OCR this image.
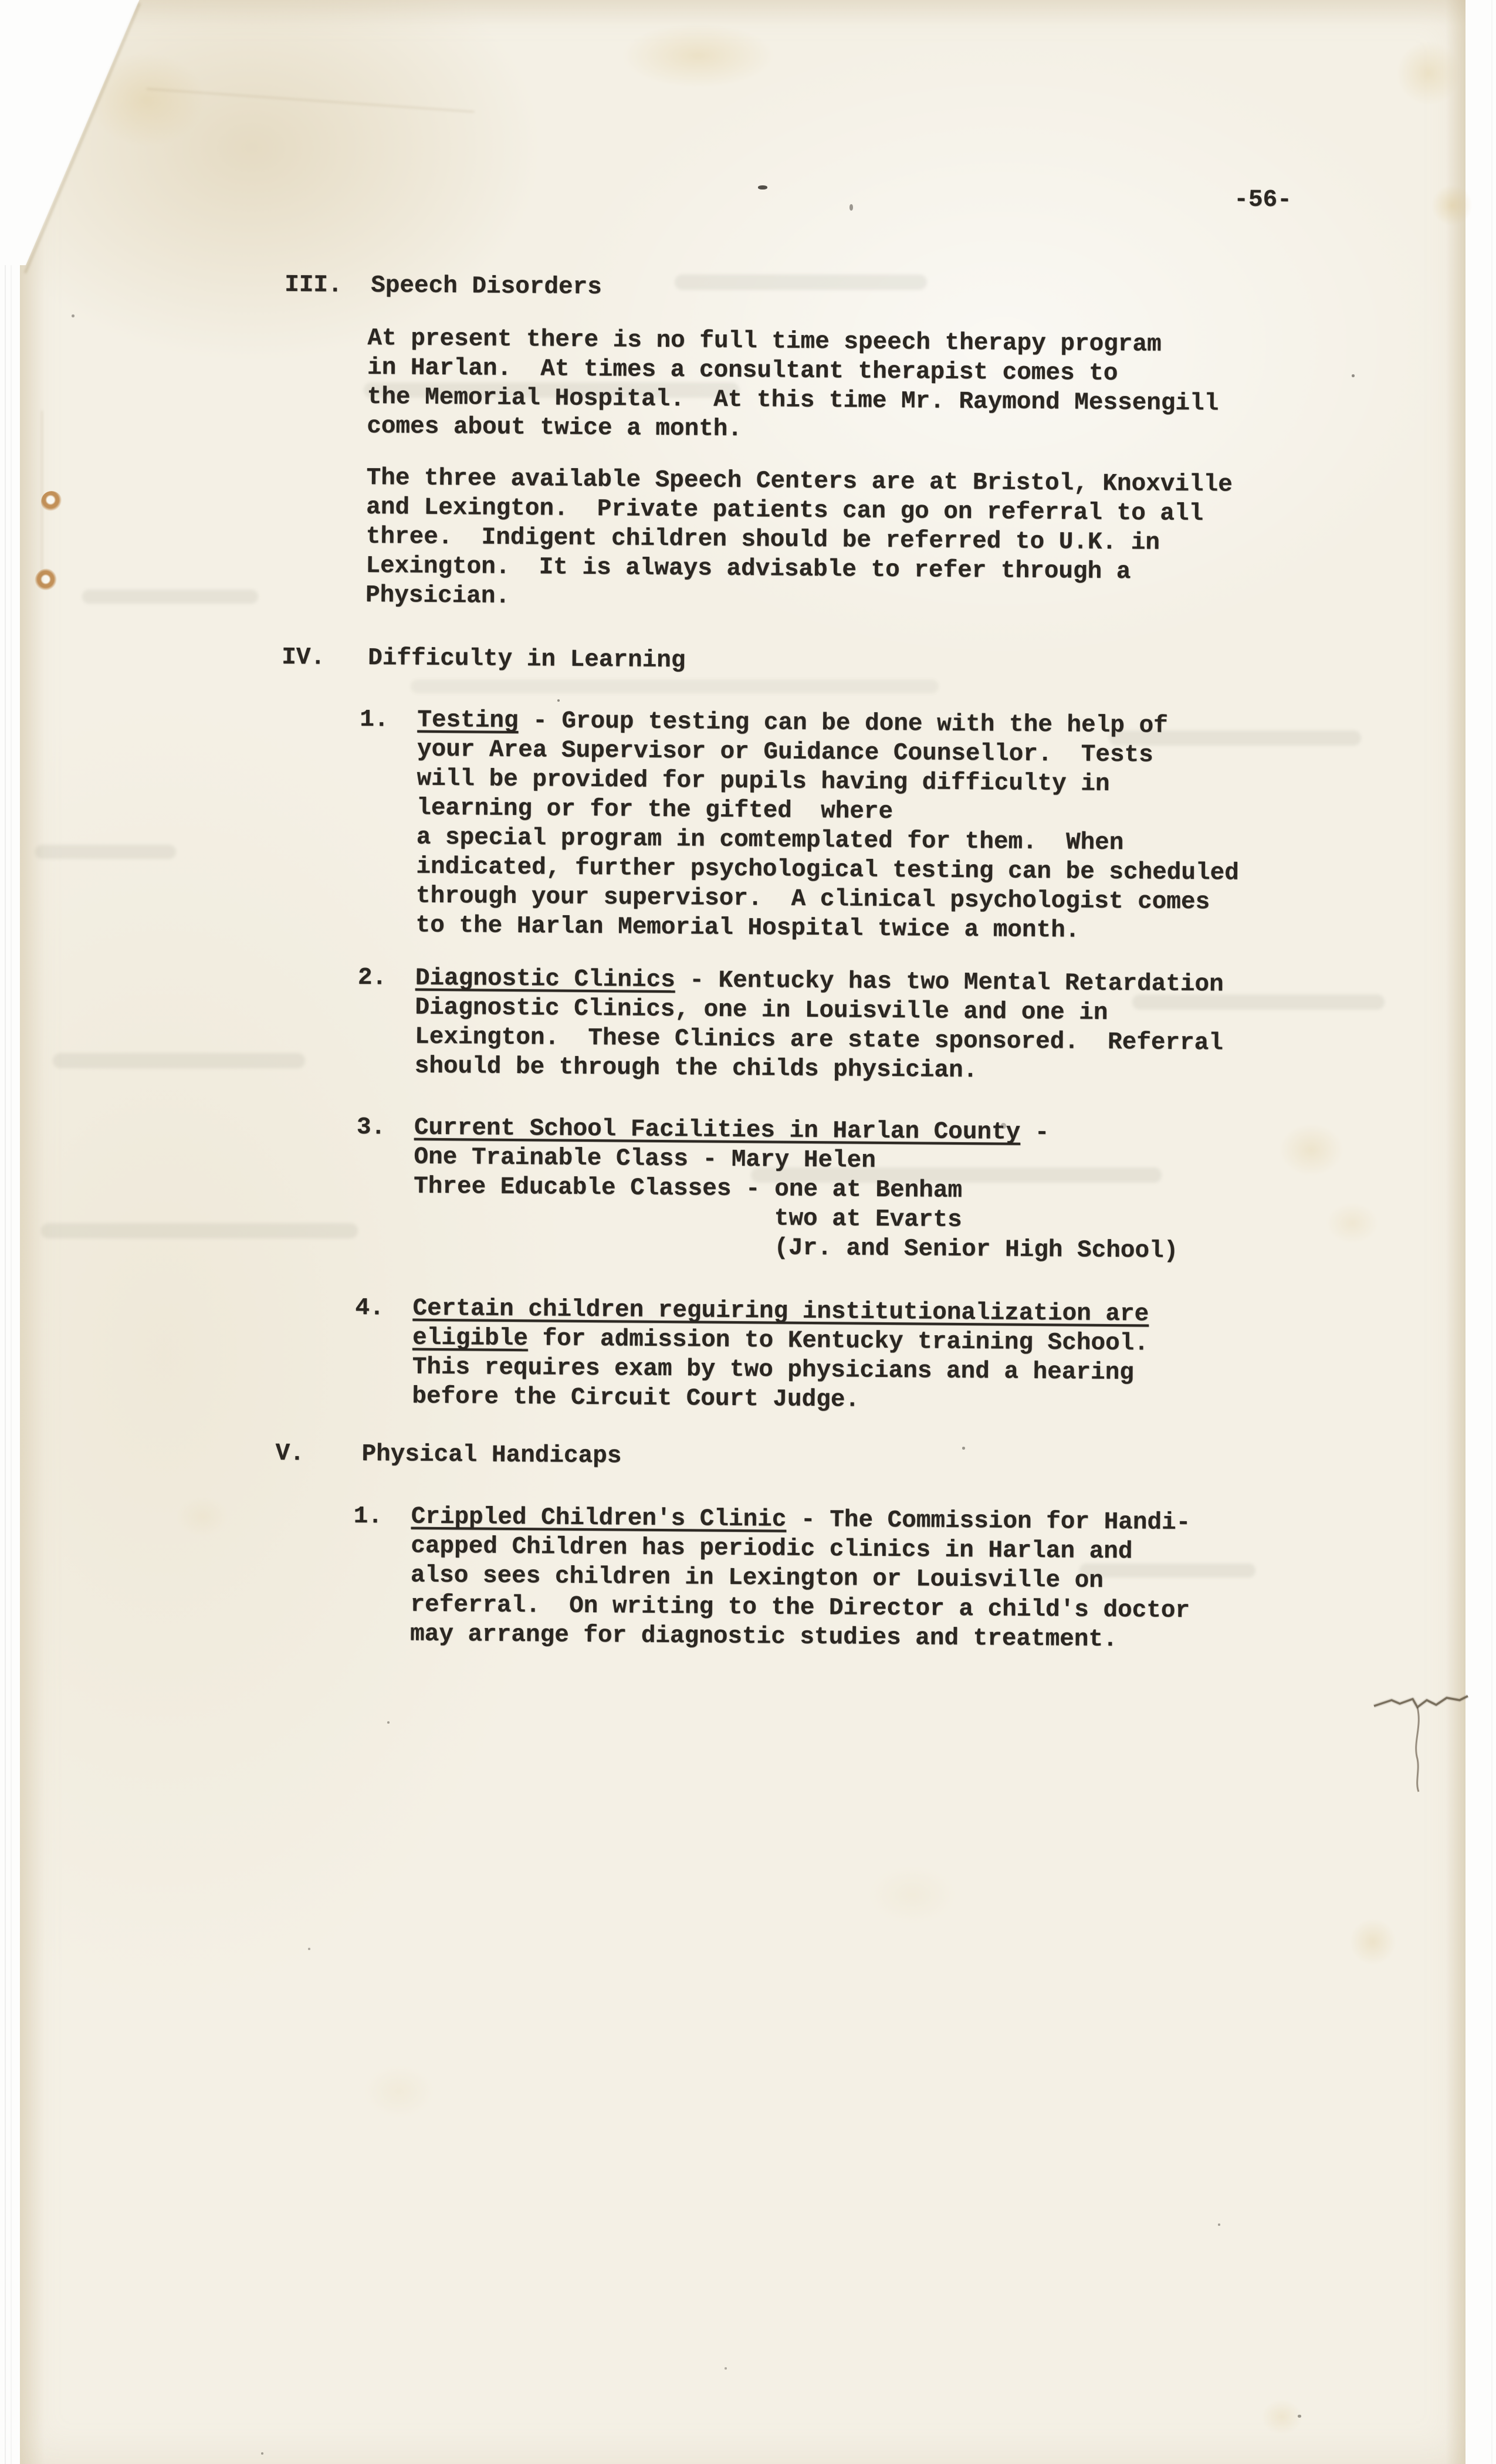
-56-
III. Speech Disorders
At present there is no full time speech therapy program
in Harlan.  At times a consultant therapist comes to
the Memorial Hospital.  At this time Mr. Raymond Messengill
comes about twice a month.
The three available Speech Centers are at Bristol, Knoxville
and Lexington.  Private patients can go on referral to all
three.  Indigent children should be referred to U.K. in
Lexington.  It is always advisable to refer through a
Physician.
IV. Difficulty in Learning
1. Testing - Group testing can be done with the help of
your Area Supervisor or Guidance Counsellor.  Tests
will be provided for pupils having difficulty in
learning or for the gifted  where
a special program in comtemplated for them.  When
indicated, further psychological testing can be scheduled
through your supervisor.  A clinical psychologist comes
to the Harlan Memorial Hospital twice a month.
2. Diagnostic Clinics - Kentucky has two Mental Retardation
Diagnostic Clinics, one in Louisville and one in
Lexington.  These Clinics are state sponsored.  Referral
should be through the childs physician.
3. Current School Facilities in Harlan County -
One Trainable Class - Mary Helen
Three Educable Classes - one at Benham
two at Evarts
(Jr. and Senior High School)
4. Certain children reguiring institutionalization are
eligible for admission to Kentucky training School.
This requires exam by two physicians and a hearing
before the Circuit Court Judge.
V. Physical Handicaps
1. Crippled Children's Clinic - The Commission for Handi-
capped Children has periodic clinics in Harlan and
also sees children in Lexington or Louisville on
referral.  On writing to the Director a child's doctor
may arrange for diagnostic studies and treatment.
